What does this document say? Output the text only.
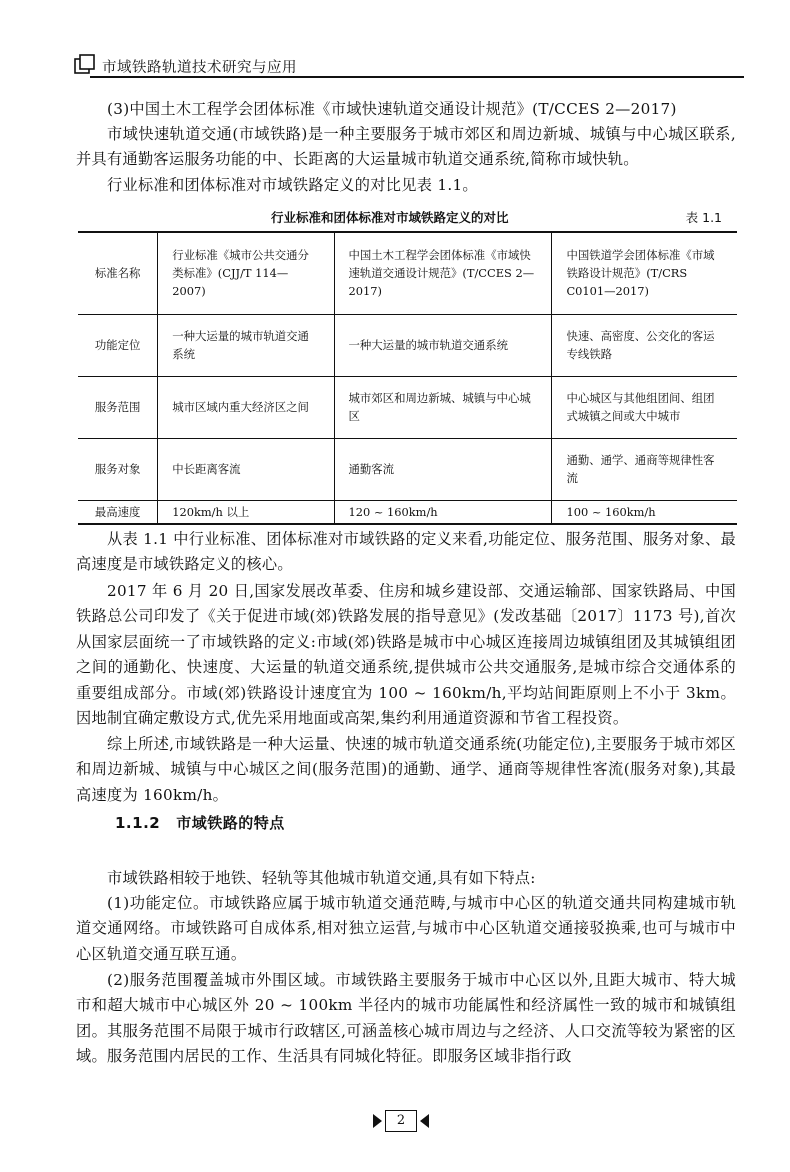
市域铁路轨道技术研究与应用

(3)中国土木工程学会团体标准《市域快速轨道交通设计规范》(T/CCES 2—2017)

市域快速轨道交通(市域铁路)是一种主要服务于城市郊区和周边新城、城镇与中心城区联系,并具有通勤客运服务功能的中、长距离的大运量城市轨道交通系统,简称市域快轨。

行业标准和团体标准对市域铁路定义的对比见表 1.1。

行业标准和团体标准对市域铁路定义的对比	表 1.1
标准名称	行业标准《城市公共交通分类标准》(CJJ/T 114—2007)	中国土木工程学会团体标准《市域快速轨道交通设计规范》(T/CCES 2—2017)	中国铁道学会团体标准《市域铁路设计规范》(T/CRS C0101—2017)
功能定位	一种大运量的城市轨道交通系统	一种大运量的城市轨道交通系统	快速、高密度、公交化的客运专线铁路
服务范围	城市区域内重大经济区之间	城市郊区和周边新城、城镇与中心城区	中心城区与其他组团间、组团式城镇之间或大中城市
服务对象	中长距离客流	通勤客流	通勤、通学、通商等规律性客流
最高速度	120km/h 以上	120 ~ 160km/h	100 ~ 160km/h

从表 1.1 中行业标准、团体标准对市域铁路的定义来看,功能定位、服务范围、服务对象、最高速度是市域铁路定义的核心。

2017 年 6 月 20 日,国家发展改革委、住房和城乡建设部、交通运输部、国家铁路局、中国铁路总公司印发了《关于促进市域(郊)铁路发展的指导意见》(发改基础〔2017〕1173 号),首次从国家层面统一了市域铁路的定义:市域(郊)铁路是城市中心城区连接周边城镇组团及其城镇组团之间的通勤化、快速度、大运量的轨道交通系统,提供城市公共交通服务,是城市综合交通体系的重要组成部分。市域(郊)铁路设计速度宜为 100 ~ 160km/h,平均站间距原则上不小于 3km。因地制宜确定敷设方式,优先采用地面或高架,集约利用通道资源和节省工程投资。

综上所述,市域铁路是一种大运量、快速的城市轨道交通系统(功能定位),主要服务于城市郊区和周边新城、城镇与中心城区之间(服务范围)的通勤、通学、通商等规律性客流(服务对象),其最高速度为 160km/h。

1.1.2 市域铁路的特点

市域铁路相较于地铁、轻轨等其他城市轨道交通,具有如下特点:

(1)功能定位。市域铁路应属于城市轨道交通范畴,与城市中心区的轨道交通共同构建城市轨道交通网络。市域铁路可自成体系,相对独立运营,与城市中心区轨道交通接驳换乘,也可与城市中心区轨道交通互联互通。

(2)服务范围覆盖城市外围区域。市域铁路主要服务于城市中心区以外,且距大城市、特大城市和超大城市中心城区外 20 ~ 100km 半径内的城市功能属性和经济属性一致的城市和城镇组团。其服务范围不局限于城市行政辖区,可涵盖核心城市周边与之经济、人口交流等较为紧密的区域。服务范围内居民的工作、生活具有同城化特征。即服务区域非指行政

2
